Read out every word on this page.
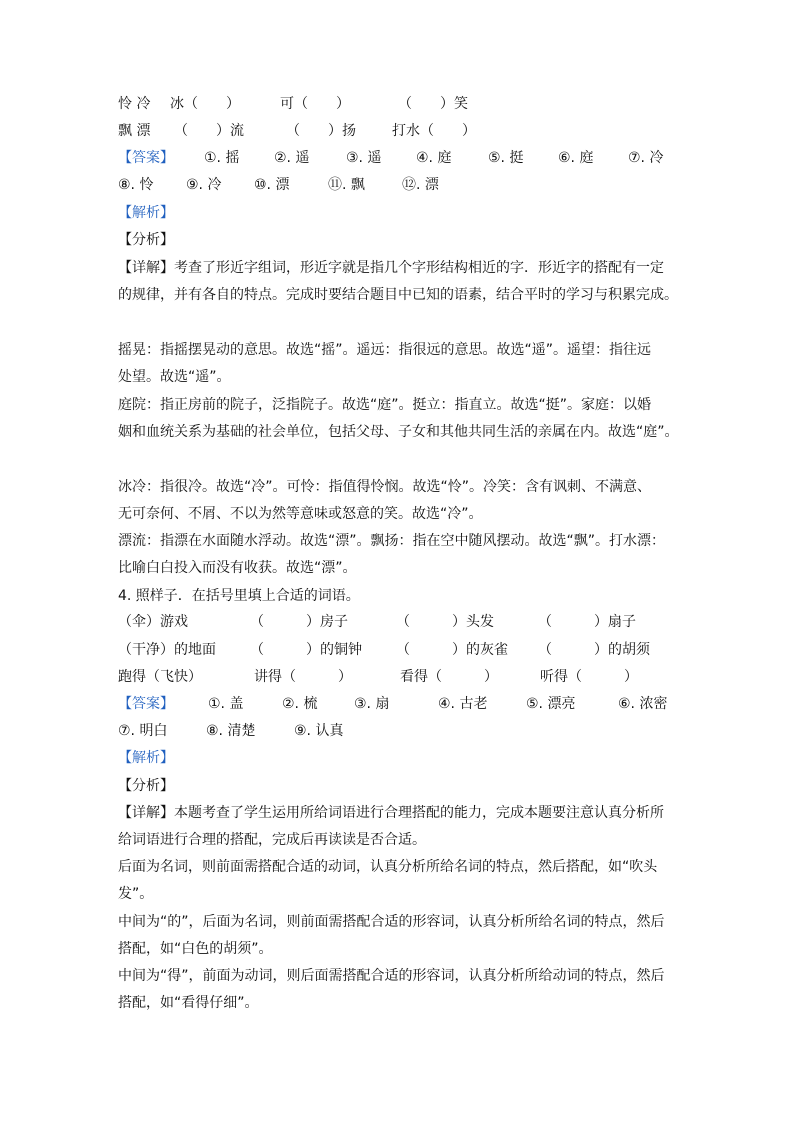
怜 冷 冰（　　）	可（　　）	（　　）笑
飘 漂 （　　）流	（　　）扬	打水（　　）
【答案】 ①. 摇 ②. 遥	③. 遥 ④. 庭	⑤. 挺 ⑥. 庭 ⑦. 冷
⑧. 怜 ⑨. 冷 ⑩. 漂	⑪. 飘	⑫. 漂
【解析】
【分析】
【详解】考查了形近字组词，形近字就是指几个字形结构相近的字．形近字的搭配有一定
的规律，并有各自的特点。完成时要结合题目中已知的语素，结合平时的学习与积累完成。
摇晃：指摇摆晃动的意思。故选“摇”。遥远：指很远的意思。故选“遥”。遥望：指往远
处望。故选“遥”。
庭院：指正房前的院子，泛指院子。故选“庭”。挺立：指直立。故选“挺”。家庭：以婚
姻和血统关系为基础的社会单位，包括父母、子女和其他共同生活的亲属在内。故选“庭”。
冰冷：指很冷。故选“冷”。可怜：指值得怜悯。故选“怜”。冷笑：含有讽刺、不满意、
无可奈何、不屑、不以为然等意味或怒意的笑。故选“冷”。
漂流：指漂在水面随水浮动。故选“漂”。飘扬：指在空中随风摆动。故选“飘”。打水漂：
比喻白白投入而没有收获。故选“漂”。
4. 照样子．在括号里填上合适的词语。
（伞）游戏	（　　　）房子	（　　　）头发	（　　　）扇子
（干净）的地面 （　　　）的铜钟 （　　　）的灰雀 （　　　）的胡须
跑得（飞快）	讲得（　　　）	看得（　　　）	听得（　　　）
【答案】 ①. 盖	②. 梳	③. 扇	④. 古老	⑤. 漂亮	⑥. 浓密
⑦. 明白	⑧. 清楚	⑨. 认真
【解析】
【分析】
【详解】本题考查了学生运用所给词语进行合理搭配的能力，完成本题要注意认真分析所
给词语进行合理的搭配，完成后再读读是否合适。
后面为名词，则前面需搭配合适的动词，认真分析所给名词的特点，然后搭配，如“吹头
发”。
中间为“的”，后面为名词，则前面需搭配合适的形容词，认真分析所给名词的特点，然后
搭配，如“白色的胡须”。
中间为“得”，前面为动词，则后面需搭配合适的形容词，认真分析所给动词的特点，然后
搭配，如“看得仔细”。
